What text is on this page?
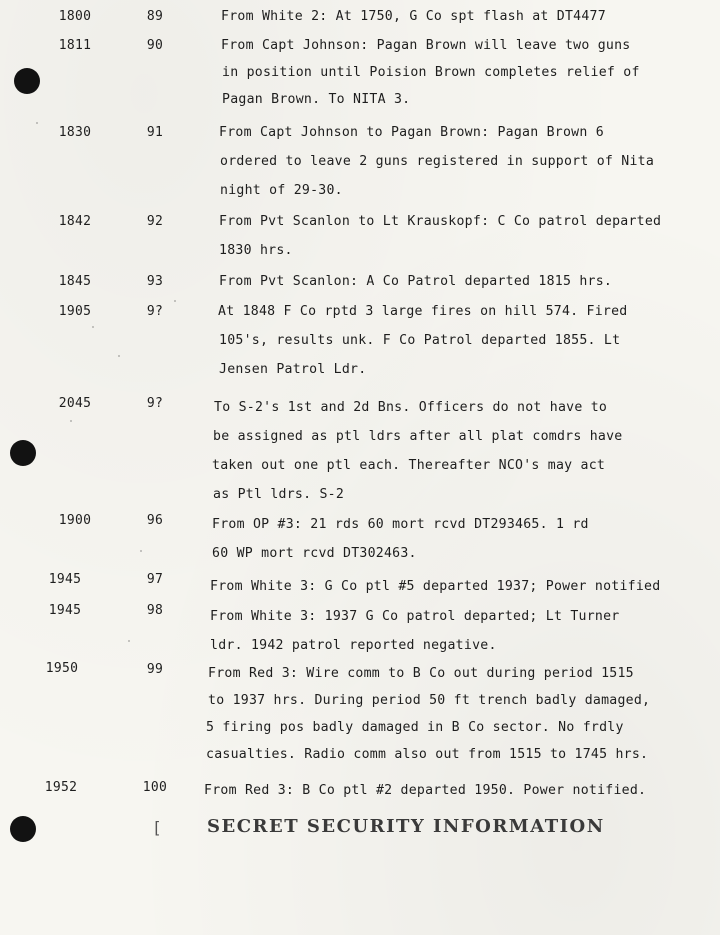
1800	89	From White 2: At 1750, G Co spt flash at DT4477
1811	90	From Capt Johnson: Pagan Brown will leave two guns
in position until Poision Brown completes relief of
Pagan Brown. To NITA 3.
1830	91	From Capt Johnson to Pagan Brown: Pagan Brown 6
ordered to leave 2 guns registered in support of Nita
night of 29-30.
1842	92	From Pvt Scanlon to Lt Krauskopf: C Co patrol departed
1830 hrs.
1845	93	From Pvt Scanlon: A Co Patrol departed 1815 hrs.
1905	9?	At 1848 F Co rptd 3 large fires on hill 574. Fired
105's, results unk. F Co Patrol departed 1855. Lt
Jensen Patrol Ldr.
2045	9?	To S-2's 1st and 2d Bns. Officers do not have to
be assigned as ptl ldrs after all plat comdrs have
taken out one ptl each. Thereafter NCO's may act
as Ptl ldrs. S-2
1900	96	From OP #3: 21 rds 60 mort rcvd DT293465. 1 rd
60 WP mort rcvd DT302463.
1945	97	From White 3: G Co ptl #5 departed 1937; Power notified
1945	98	From White 3: 1937 G Co patrol departed; Lt Turner
ldr. 1942 patrol reported negative.
1950	99	From Red 3: Wire comm to B Co out during period 1515
to 1937 hrs. During period 50 ft trench badly damaged,
5 firing pos badly damaged in B Co sector. No frdly
casualties. Radio comm also out from 1515 to 1745 hrs.
1952	100	From Red 3: B Co ptl #2 departed 1950. Power notified.
[	SECRET SECURITY INFORMATION
